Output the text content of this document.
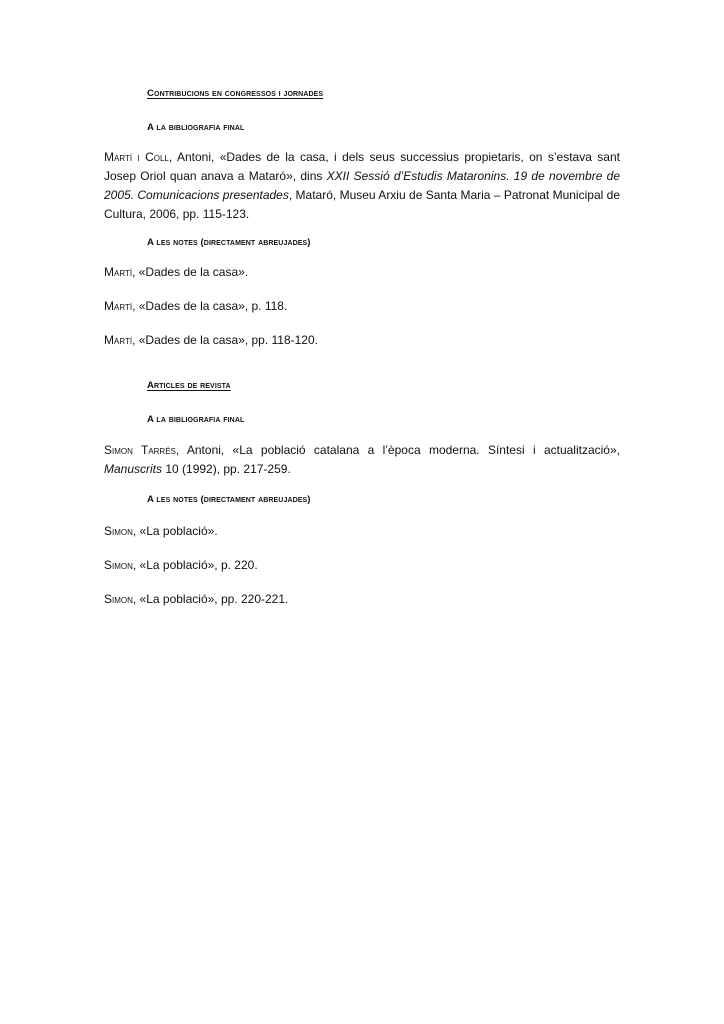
Contribucions en congressos i jornades
A la bibliografia final
Martí i Coll, Antoni, «Dades de la casa, i dels seus successius propietaris, on s’estava sant Josep Oriol quan anava a Mataró», dins XXII Sessió d’Estudis Mataronins. 19 de novembre de 2005. Comunicacions presentades, Mataró, Museu Arxiu de Santa Maria – Patronat Municipal de Cultura, 2006, pp. 115-123.
A les notes (directament abreujades)
Martí, «Dades de la casa».
Martí, «Dades de la casa», p. 118.
Martí, «Dades de la casa», pp. 118-120.
Articles de revista
A la bibliografia final
Simon Tarrés, Antoni, «La població catalana a l’època moderna. Síntesi i actualització», Manuscrits 10 (1992), pp. 217-259.
A les notes (directament abreujades)
Simon, «La població».
Simon, «La població», p. 220.
Simon, «La població», pp. 220-221.
